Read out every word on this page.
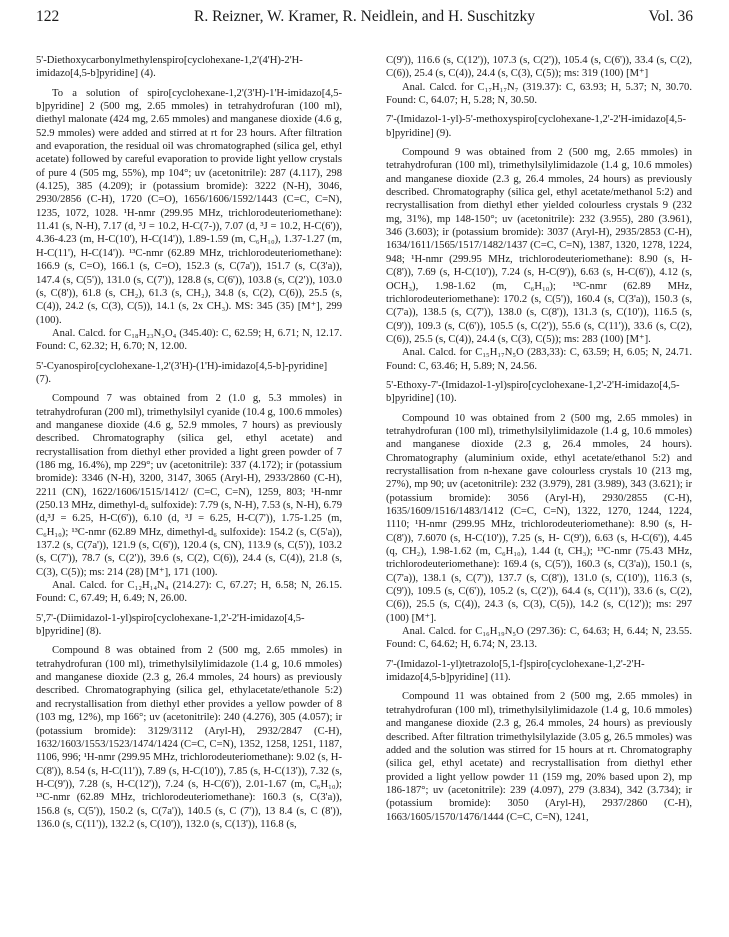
122	R. Reizner, W. Kramer, R. Neidlein, and H. Suschitzky	Vol. 36

5'-Diethoxycarbonylmethylenspiro[cyclohexane-1,2'(4'H)-2'H-imidazo[4,5-b]pyridine] (4).

To a solution of spiro[cyclohexane-1,2'(3'H)-1'H-imidazo[4,5-b]pyridine] 2 (500 mg, 2.65 mmoles) in tetrahydrofuran (100 ml), diethyl malonate (424 mg, 2.65 mmoles) and manganese dioxide (4.6 g, 52.9 mmoles) were added and stirred at rt for 23 hours. After filtration and evaporation, the residual oil was chromatographed (silica gel, ethyl acetate) followed by careful evaporation to provide light yellow crystals of pure 4 (505 mg, 55%), mp 104°; uv (acetonitrile): 287 (4.117), 298 (4.125), 385 (4.209); ir (potassium bromide): 3222 (N-H), 3046, 2930/2856 (C-H), 1720 (C=O), 1656/1606/1592/1443 (C=C, C=N), 1235, 1072, 1028. ¹H-nmr (299.95 MHz, trichlorodeuteriomethane): 11.41 (s, N-H), 7.17 (d, ³J = 10.2, H-C(7-)), 7.07 (d, ³J = 10.2, H-C(6')), 4.36-4.23 (m, H-C(10'), H-C(14')), 1.89-1.59 (m, C₆H₁₀), 1.37-1.27 (m, H-C(11'), H-C(14')). ¹³C-nmr (62.89 MHz, trichlorodeuteriomethane): 166.9 (s, C=O), 166.1 (s, C=O), 152.3 (s, C(7a')), 151.7 (s, C(3'a)), 147.4 (s, C(5')), 131.0 (s, C(7')), 128.8 (s, C(6')), 103.8 (s, C(2')), 103.0 (s, C(8')), 61.8 (s, CH₂), 61.3 (s, CH₂), 34.8 (s, C(2), C(6)), 25.5 (s, C(4)), 24.2 (s, C(3), C(5)), 14.1 (s, 2x CH₃). MS: 345 (35) [M⁺], 299 (100).

Anal. Calcd. for C₁₈H₂₃N₃O₄ (345.40): C, 62.59; H, 6.71; N, 12.17. Found: C, 62.32; H, 6.70; N, 12.00.

5'-Cyanospiro[cyclohexane-1,2'(3'H)-(1'H)-imidazo[4,5-b]-pyridine] (7).

Compound 7 was obtained from 2 (1.0 g, 5.3 mmoles) in tetrahydrofuran (200 ml), trimethylsilyl cyanide (10.4 g, 100.6 mmoles) and manganese dioxide (4.6 g, 52.9 mmoles, 7 hours) as previously described. Chromatography (silica gel, ethyl acetate) and recrystallisation from diethyl ether provided a light green powder of 7 (186 mg, 16.4%), mp 229°; uv (acetonitrile): 337 (4.172); ir (potassium bromide): 3346 (N-H), 3200, 3147, 3065 (Aryl-H), 2933/2860 (C-H), 2211 (CN), 1622/1606/1515/1412/ (C=C, C=N), 1259, 803; ¹H-nmr (250.13 MHz, dimethyl-d₆ sulfoxide): 7.79 (s, N-H), 7.53 (s, N-H), 6.79 (d,³J = 6.25, H-C(6')), 6.10 (d, ³J = 6.25, H-C(7')), 1.75-1.25 (m, C₆H₁₀); ¹³C-nmr (62.89 MHz, dimethyl-d₆ sulfoxide): 154.2 (s, C(5'a)), 137.2 (s, C(7a')), 121.9 (s, C(6')), 120.4 (s, CN), 113.9 (s, C(5')), 103.2 (s, C(7')), 78.7 (s, C(2')), 39.6 (s, C(2), C(6)), 24.4 (s, C(4)), 21.8 (s, C(3), C(5)); ms: 214 (28) [M⁺], 171 (100).

Anal. Calcd. for C₁₂H₁₄N₄ (214.27): C, 67.27; H, 6.58; N, 26.15. Found: C, 67.49; H, 6.49; N, 26.00.

5',7'-(Diimidazol-1-yl)spiro[cyclohexane-1,2'-2'H-imidazo[4,5-b]pyridine] (8).

Compound 8 was obtained from 2 (500 mg, 2.65 mmoles) in tetrahydrofuran (100 ml), trimethylsilylimidazole (1.4 g, 10.6 mmoles) and manganese dioxide (2.3 g, 26.4 mmoles, 24 hours) as previously described. Chromatographying (silica gel, ethylacetate/ethanole 5:2) and recrystallisation from diethyl ether provides a yellow powder of 8 (103 mg, 12%), mp 166°; uv (acetonitrile): 240 (4.276), 305 (4.057); ir (potassium bromide): 3129/3112 (Aryl-H), 2932/2847 (C-H), 1632/1603/1553/1523/1474/1424 (C=C, C=N), 1352, 1258, 1251, 1187, 1106, 996; ¹H-nmr (299.95 MHz, trichlorodeuteriomethane): 9.02 (s, H-C(8')), 8.54 (s, H-C(11')), 7.89 (s, H-C(10')), 7.85 (s, H-C(13')), 7.32 (s, H-C(9')), 7.28 (s, H-C(12')), 7.24 (s, H-C(6')), 2.01-1.67 (m, C₆H₁₀); ¹³C-nmr (62.89 MHz, trichlorodeuteriomethane): 160.3 (s, C(3'a)), 156.8 (s, C(5')), 150.2 (s, C(7a')), 140.5 (s, C (7')), 13 8.4 (s, C (8')), 136.0 (s, C(11')), 132.2 (s, C(10')), 132.0 (s, C(13')), 116.8 (s,

C(9')), 116.6 (s, C(12')), 107.3 (s, C(2')), 105.4 (s, C(6')), 33.4 (s, C(2), C(6)), 25.4 (s, C(4)), 24.4 (s, C(3), C(5)); ms: 319 (100) [M⁺]

Anal. Calcd. for C₁₇H₁₇N₇ (319.37): C, 63.93; H, 5.37; N, 30.70. Found: C, 64.07; H, 5.28; N, 30.50.

7'-(Imidazol-1-yl)-5'-methoxyspiro[cyclohexane-1,2'-2'H-imidazo[4,5-b]pyridine] (9).

Compound 9 was obtained from 2 (500 mg, 2.65 mmoles) in tetrahydrofuran (100 ml), trimethylsilylimidazole (1.4 g, 10.6 mmoles) and manganese dioxide (2.3 g, 26.4 mmoles, 24 hours) as previously described. Chromatography (silica gel, ethyl acetate/methanol 5:2) and recrystallisation from diethyl ether yielded colourless crystals 9 (232 mg, 31%), mp 148-150°; uv (acetonitrile): 232 (3.955), 280 (3.961), 346 (3.603); ir (potassium bromide): 3037 (Aryl-H), 2935/2853 (C-H), 1634/1611/1565/1517/1482/1437 (C=C, C=N), 1387, 1320, 1278, 1224, 948; ¹H-nmr (299.95 MHz, trichlorodeuteriomethane): 8.90 (s, H-C(8')), 7.69 (s, H-C(10')), 7.24 (s, H-C(9')), 6.63 (s, H-C(6')), 4.12 (s, OCH₃), 1.98-1.62 (m, C₆H₁₀); ¹³C-nmr (62.89 MHz, trichlorodeuteriomethane): 170.2 (s, C(5')), 160.4 (s, C(3'a)), 150.3 (s, C(7'a)), 138.5 (s, C(7')), 138.0 (s, C(8')), 131.3 (s, C(10')), 116.5 (s, C(9')), 109.3 (s, C(6')), 105.5 (s, C(2')), 55.6 (s, C(11')), 33.6 (s, C(2), C(6)), 25.5 (s, C(4)), 24.4 (s, C(3), C(5)); ms: 283 (100) [M⁺].

Anal. Calcd. for C₁₅H₁₇N₅O (283,33): C, 63.59; H, 6.05; N, 24.71. Found: C, 63.46; H, 5.89; N, 24.56.

5'-Ethoxy-7'-(Imidazol-1-yl)spiro[cyclohexane-1,2'-2'H-imidazo[4,5-b]pyridine] (10).

Compound 10 was obtained from 2 (500 mg, 2.65 mmoles) in tetrahydrofuran (100 ml), trimethylsilylimidazole (1.4 g, 10.6 mmoles) and manganese dioxide (2.3 g, 26.4 mmoles, 24 hours). Chromatography (aluminium oxide, ethyl acetate/ethanol 5:2) and recrystallisation from n-hexane gave colourless crystals 10 (213 mg, 27%), mp 90; uv (acetonitrile): 232 (3.979), 281 (3.989), 343 (3.621); ir (potassium bromide): 3056 (Aryl-H), 2930/2855 (C-H), 1635/1609/1516/1483/1412 (C=C, C=N), 1322, 1270, 1244, 1224, 1110; ¹H-nmr (299.95 MHz, trichlorodeuteriomethane): 8.90 (s, H-C(8')), 7.6070 (s, H-C(10')), 7.25 (s, H- C(9')), 6.63 (s, H-C(6')), 4.45 (q, CH₂), 1.98-1.62 (m, C₆H₁₀), 1.44 (t, CH₃); ¹³C-nmr (75.43 MHz, trichlorodeuteriomethane): 169.4 (s, C(5')), 160.3 (s, C(3'a)), 150.1 (s, C(7'a)), 138.1 (s, C(7')), 137.7 (s, C(8')), 131.0 (s, C(10')), 116.3 (s, C(9')), 109.5 (s, C(6')), 105.2 (s, C(2')), 64.4 (s, C(11')), 33.6 (s, C(2), C(6)), 25.5 (s, C(4)), 24.3 (s, C(3), C(5)), 14.2 (s, C(12')); ms: 297 (100) [M⁺].

Anal. Calcd. for C₁₆H₁₉N₅O (297.36): C, 64.63; H, 6.44; N, 23.55. Found: C, 64.62; H, 6.74; N, 23.13.

7'-(Imidazol-1-yl)tetrazolo[5,1-f]spiro[cyclohexane-1,2'-2'H-imidazo[4,5-b]pyridine] (11).

Compound 11 was obtained from 2 (500 mg, 2.65 mmoles) in tetrahydrofuran (100 ml), trimethylsilylimidazole (1.4 g, 10.6 mmoles) and manganese dioxide (2.3 g, 26.4 mmoles, 24 hours) as previously described. After filtration trimethylsilylazide (3.05 g, 26.5 mmoles) was added and the solution was stirred for 15 hours at rt. Chromatography (silica gel, ethyl acetate) and recrystallisation from diethyl ether provided a light yellow powder 11 (159 mg, 20% based upon 2), mp 186-187°; uv (acetonitrile): 239 (4.097), 279 (3.834), 342 (3.734); ir (potassium bromide): 3050 (Aryl-H), 2937/2860 (C-H), 1663/1605/1570/1476/1444 (C=C, C=N), 1241,
